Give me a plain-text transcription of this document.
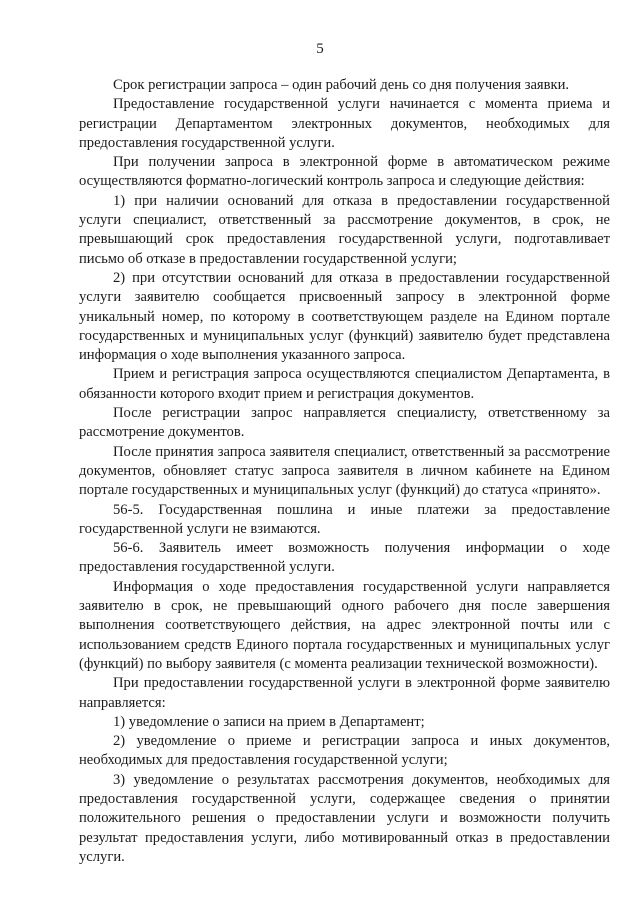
5

Срок регистрации запроса – один рабочий день со дня получения заявки.

Предоставление государственной услуги начинается с момента приема и регистрации Департаментом электронных документов, необходимых для предоставления государственной услуги.

При получении запроса в электронной форме в автоматическом режиме осуществляются форматно-логический контроль запроса и следующие действия:

1) при наличии оснований для отказа в предоставлении государственной услуги специалист, ответственный за рассмотрение документов, в срок, не превышающий срок предоставления государственной услуги, подготавливает письмо об отказе в предоставлении государственной услуги;

2) при отсутствии оснований для отказа в предоставлении государственной услуги заявителю сообщается присвоенный запросу в электронной форме уникальный номер, по которому в соответствующем разделе на Едином портале государственных и муниципальных услуг (функций) заявителю будет представлена информация о ходе выполнения указанного запроса.

Прием и регистрация запроса осуществляются специалистом Департамента, в обязанности которого входит прием и регистрация документов.

После регистрации запрос направляется специалисту, ответственному за рассмотрение документов.

После принятия запроса заявителя специалист, ответственный за рассмотрение документов, обновляет статус запроса заявителя в личном кабинете на Едином портале государственных и муниципальных услуг (функций) до статуса «принято».

56-5. Государственная пошлина и иные платежи за предоставление государственной услуги не взимаются.

56-6. Заявитель имеет возможность получения информации о ходе предоставления государственной услуги.

Информация о ходе предоставления государственной услуги направляется заявителю в срок, не превышающий одного рабочего дня после завершения выполнения соответствующего действия, на адрес электронной почты или с использованием средств Единого портала государственных и муниципальных услуг (функций) по выбору заявителя (с момента реализации технической возможности).

При предоставлении государственной услуги в электронной форме заявителю направляется:

1) уведомление о записи на прием в Департамент;

2) уведомление о приеме и регистрации запроса и иных документов, необходимых для предоставления государственной услуги;

3) уведомление о результатах рассмотрения документов, необходимых для предоставления государственной услуги, содержащее сведения о принятии положительного решения о предоставлении услуги и возможности получить результат предоставления услуги, либо мотивированный отказ в предоставлении услуги.
